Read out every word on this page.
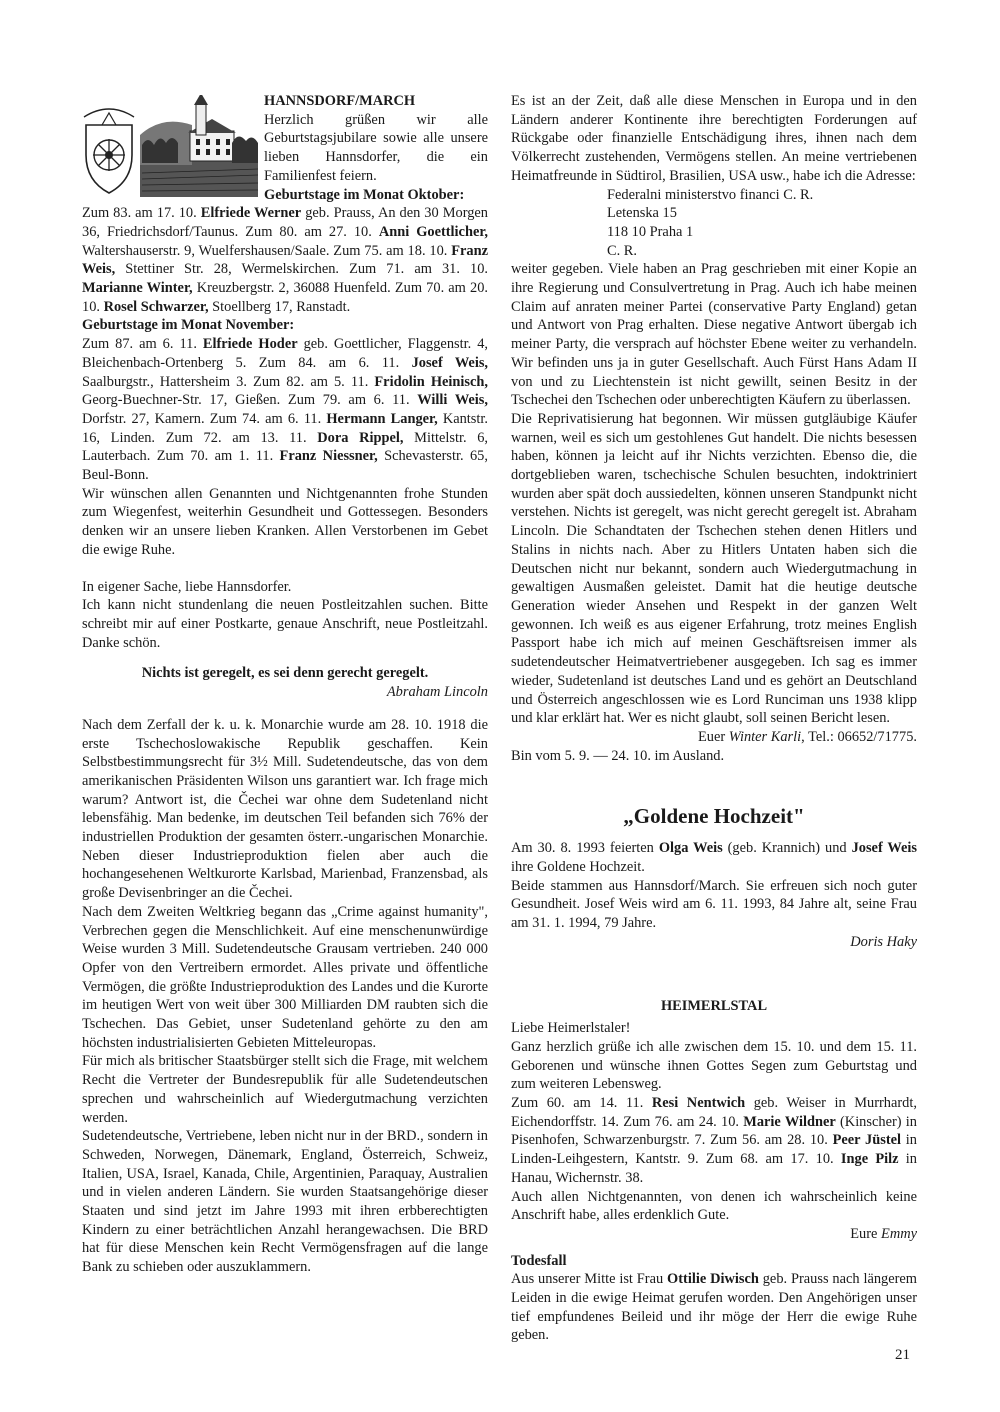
HANNSDORF/MARCH

Herzlich grüßen wir alle Geburtstagsjubilare sowie alle unsere lieben Hannsdorfer, die ein Familienfest feiern.

Geburtstage im Monat Oktober:

Zum 83. am 17. 10. Elfriede Werner geb. Prauss, An den 30 Morgen 36, Friedrichsdorf/Taunus. Zum 80. am 27. 10. Anni Goettlicher, Waltershauserstr. 9, Wuelfershausen/Saale. Zum 75. am 18. 10. Franz Weis, Stettiner Str. 28, Wermelskirchen. Zum 71. am 31. 10. Marianne Winter, Kreuzbergstr. 2, 36088 Huenfeld. Zum 70. am 20. 10. Rosel Schwarzer, Stoellberg 17, Ranstadt.

Geburtstage im Monat November:

Zum 87. am 6. 11. Elfriede Hoder geb. Goettlicher, Flaggenstr. 4, Bleichenbach-Ortenberg 5. Zum 84. am 6. 11. Josef Weis, Saalburgstr., Hattersheim 3. Zum 82. am 5. 11. Fridolin Heinisch, Georg-Buechner-Str. 17, Gießen. Zum 79. am 6. 11. Willi Weis, Dorfstr. 27, Kamern. Zum 74. am 6. 11. Hermann Langer, Kantstr. 16, Linden. Zum 72. am 13. 11. Dora Rippel, Mittelstr. 6, Lauterbach. Zum 70. am 1. 11. Franz Niessner, Schevasterstr. 65, Beul-Bonn.

Wir wünschen allen Genannten und Nichtgenannten frohe Stunden zum Wiegenfest, weiterhin Gesundheit und Gottessegen. Besonders denken wir an unsere lieben Kranken. Allen Verstorbenen im Gebet die ewige Ruhe.

In eigener Sache, liebe Hannsdorfer.

Ich kann nicht stundenlang die neuen Postleitzahlen suchen. Bitte schreibt mir auf einer Postkarte, genaue Anschrift, neue Postleitzahl. Danke schön.

Nichts ist geregelt, es sei denn gerecht geregelt.
Abraham Lincoln

Nach dem Zerfall der k. u. k. Monarchie wurde am 28. 10. 1918 die erste Tschechoslowakische Republik geschaffen. Kein Selbstbestimmungsrecht für 3½ Mill. Sudetendeutsche, das von dem amerikanischen Präsidenten Wilson uns garantiert war. Ich frage mich warum? Antwort ist, die Čechei war ohne dem Sudetenland nicht lebensfähig. Man bedenke, im deutschen Teil befanden sich 76% der industriellen Produktion der gesamten österr.-ungarischen Monarchie. Neben dieser Industrieproduktion fielen aber auch die hochangesehenen Weltkurorte Karlsbad, Marienbad, Franzensbad, als große Devisenbringer an die Čechei.

Nach dem Zweiten Weltkrieg begann das „Crime against humanity", Verbrechen gegen die Menschlichkeit. Auf eine menschenunwürdige Weise wurden 3 Mill. Sudetendeutsche Grausam vertrieben. 240 000 Opfer von den Vertreibern ermordet. Alles private und öffentliche Vermögen, die größte Industrieproduktion des Landes und die Kurorte im heutigen Wert von weit über 300 Milliarden DM raubten sich die Tschechen. Das Gebiet, unser Sudetenland gehörte zu den am höchsten industrialisierten Gebieten Mitteleuropas.

Für mich als britischer Staatsbürger stellt sich die Frage, mit welchem Recht die Vertreter der Bundesrepublik für alle Sudetendeutschen sprechen und wahrscheinlich auf Wiedergutmachung verzichten werden.

Sudetendeutsche, Vertriebene, leben nicht nur in der BRD., sondern in Schweden, Norwegen, Dänemark, England, Österreich, Schweiz, Italien, USA, Israel, Kanada, Chile, Argentinien, Paraquay, Australien und in vielen anderen Ländern. Sie wurden Staatsangehörige dieser Staaten und sind jetzt im Jahre 1993 mit ihren erbberechtigten Kindern zu einer beträchtlichen Anzahl herangewachsen. Die BRD hat für diese Menschen kein Recht Vermögensfragen auf die lange Bank zu schieben oder auszuklammern.

Es ist an der Zeit, daß alle diese Menschen in Europa und in den Ländern anderer Kontinente ihre berechtigten Forderungen auf Rückgabe oder finanzielle Entschädigung ihres, ihnen nach dem Völkerrecht zustehenden, Vermögens stellen. An meine vertriebenen Heimatfreunde in Südtirol, Brasilien, USA usw., habe ich die Adresse:

Federalni ministerstvo financi C. R.
Letenska 15
118 10 Praha 1
C. R.

weiter gegeben. Viele haben an Prag geschrieben mit einer Kopie an ihre Regierung und Consulvertretung in Prag. Auch ich habe meinen Claim auf anraten meiner Partei (conservative Party England) getan und Antwort von Prag erhalten. Diese negative Antwort übergab ich meiner Party, die versprach auf höchster Ebene weiter zu verhandeln. Wir befinden uns ja in guter Gesellschaft. Auch Fürst Hans Adam II von und zu Liechtenstein ist nicht gewillt, seinen Besitz in der Tschechei den Tschechen oder unberechtigten Käufern zu überlassen.

Die Reprivatisierung hat begonnen. Wir müssen gutgläubige Käufer warnen, weil es sich um gestohlenes Gut handelt. Die nichts besessen haben, können ja leicht auf ihr Nichts verzichten. Ebenso die, die dortgeblieben waren, tschechische Schulen besuchten, indoktriniert wurden aber spät doch aussiedelten, können unseren Standpunkt nicht verstehen. Nichts ist geregelt, was nicht gerecht geregelt ist. Abraham Lincoln. Die Schandtaten der Tschechen stehen denen Hitlers und Stalins in nichts nach. Aber zu Hitlers Untaten haben sich die Deutschen nicht nur bekannt, sondern auch Wiedergutmachung in gewaltigen Ausmaßen geleistet. Damit hat die heutige deutsche Generation wieder Ansehen und Respekt in der ganzen Welt gewonnen. Ich weiß es aus eigener Erfahrung, trotz meines English Passport habe ich mich auf meinen Geschäftsreisen immer als sudetendeutscher Heimatvertriebener ausgegeben. Ich sag es immer wieder, Sudetenland ist deutsches Land und es gehört an Deutschland und Österreich angeschlossen wie es Lord Runciman uns 1938 klipp und klar erklärt hat. Wer es nicht glaubt, soll seinen Bericht lesen.

Euer Winter Karli, Tel.: 06652/71775.
Bin vom 5. 9. — 24. 10. im Ausland.
„Goldene Hochzeit"

Am 30. 8. 1993 feierten Olga Weis (geb. Krannich) und Josef Weis ihre Goldene Hochzeit.

Beide stammen aus Hannsdorf/March. Sie erfreuen sich noch guter Gesundheit. Josef Weis wird am 6. 11. 1993, 84 Jahre alt, seine Frau am 31. 1. 1994, 79 Jahre.

Doris Haky
HEIMERLSTAL
Liebe Heimerlstaler!

Ganz herzlich grüße ich alle zwischen dem 15. 10. und dem 15. 11. Geborenen und wünsche ihnen Gottes Segen zum Geburtstag und zum weiteren Lebensweg.

Zum 60. am 14. 11. Resi Nentwich geb. Weiser in Murrhardt, Eichendorffstr. 14. Zum 76. am 24. 10. Marie Wildner (Kinscher) in Pisenhofen, Schwarzenburgstr. 7. Zum 56. am 28. 10. Peer Jüstel in Linden-Leihgestern, Kantstr. 9. Zum 68. am 17. 10. Inge Pilz in Hanau, Wichernstr. 38.

Auch allen Nichtgenannten, von denen ich wahrscheinlich keine Anschrift habe, alles erdenklich Gute.

Eure Emmy
Todesfall

Aus unserer Mitte ist Frau Ottilie Diwisch geb. Prauss nach längerem Leiden in die ewige Heimat gerufen worden. Den Angehörigen unser tief empfundenes Beileid und ihr möge der Herr die ewige Ruhe geben.

21
